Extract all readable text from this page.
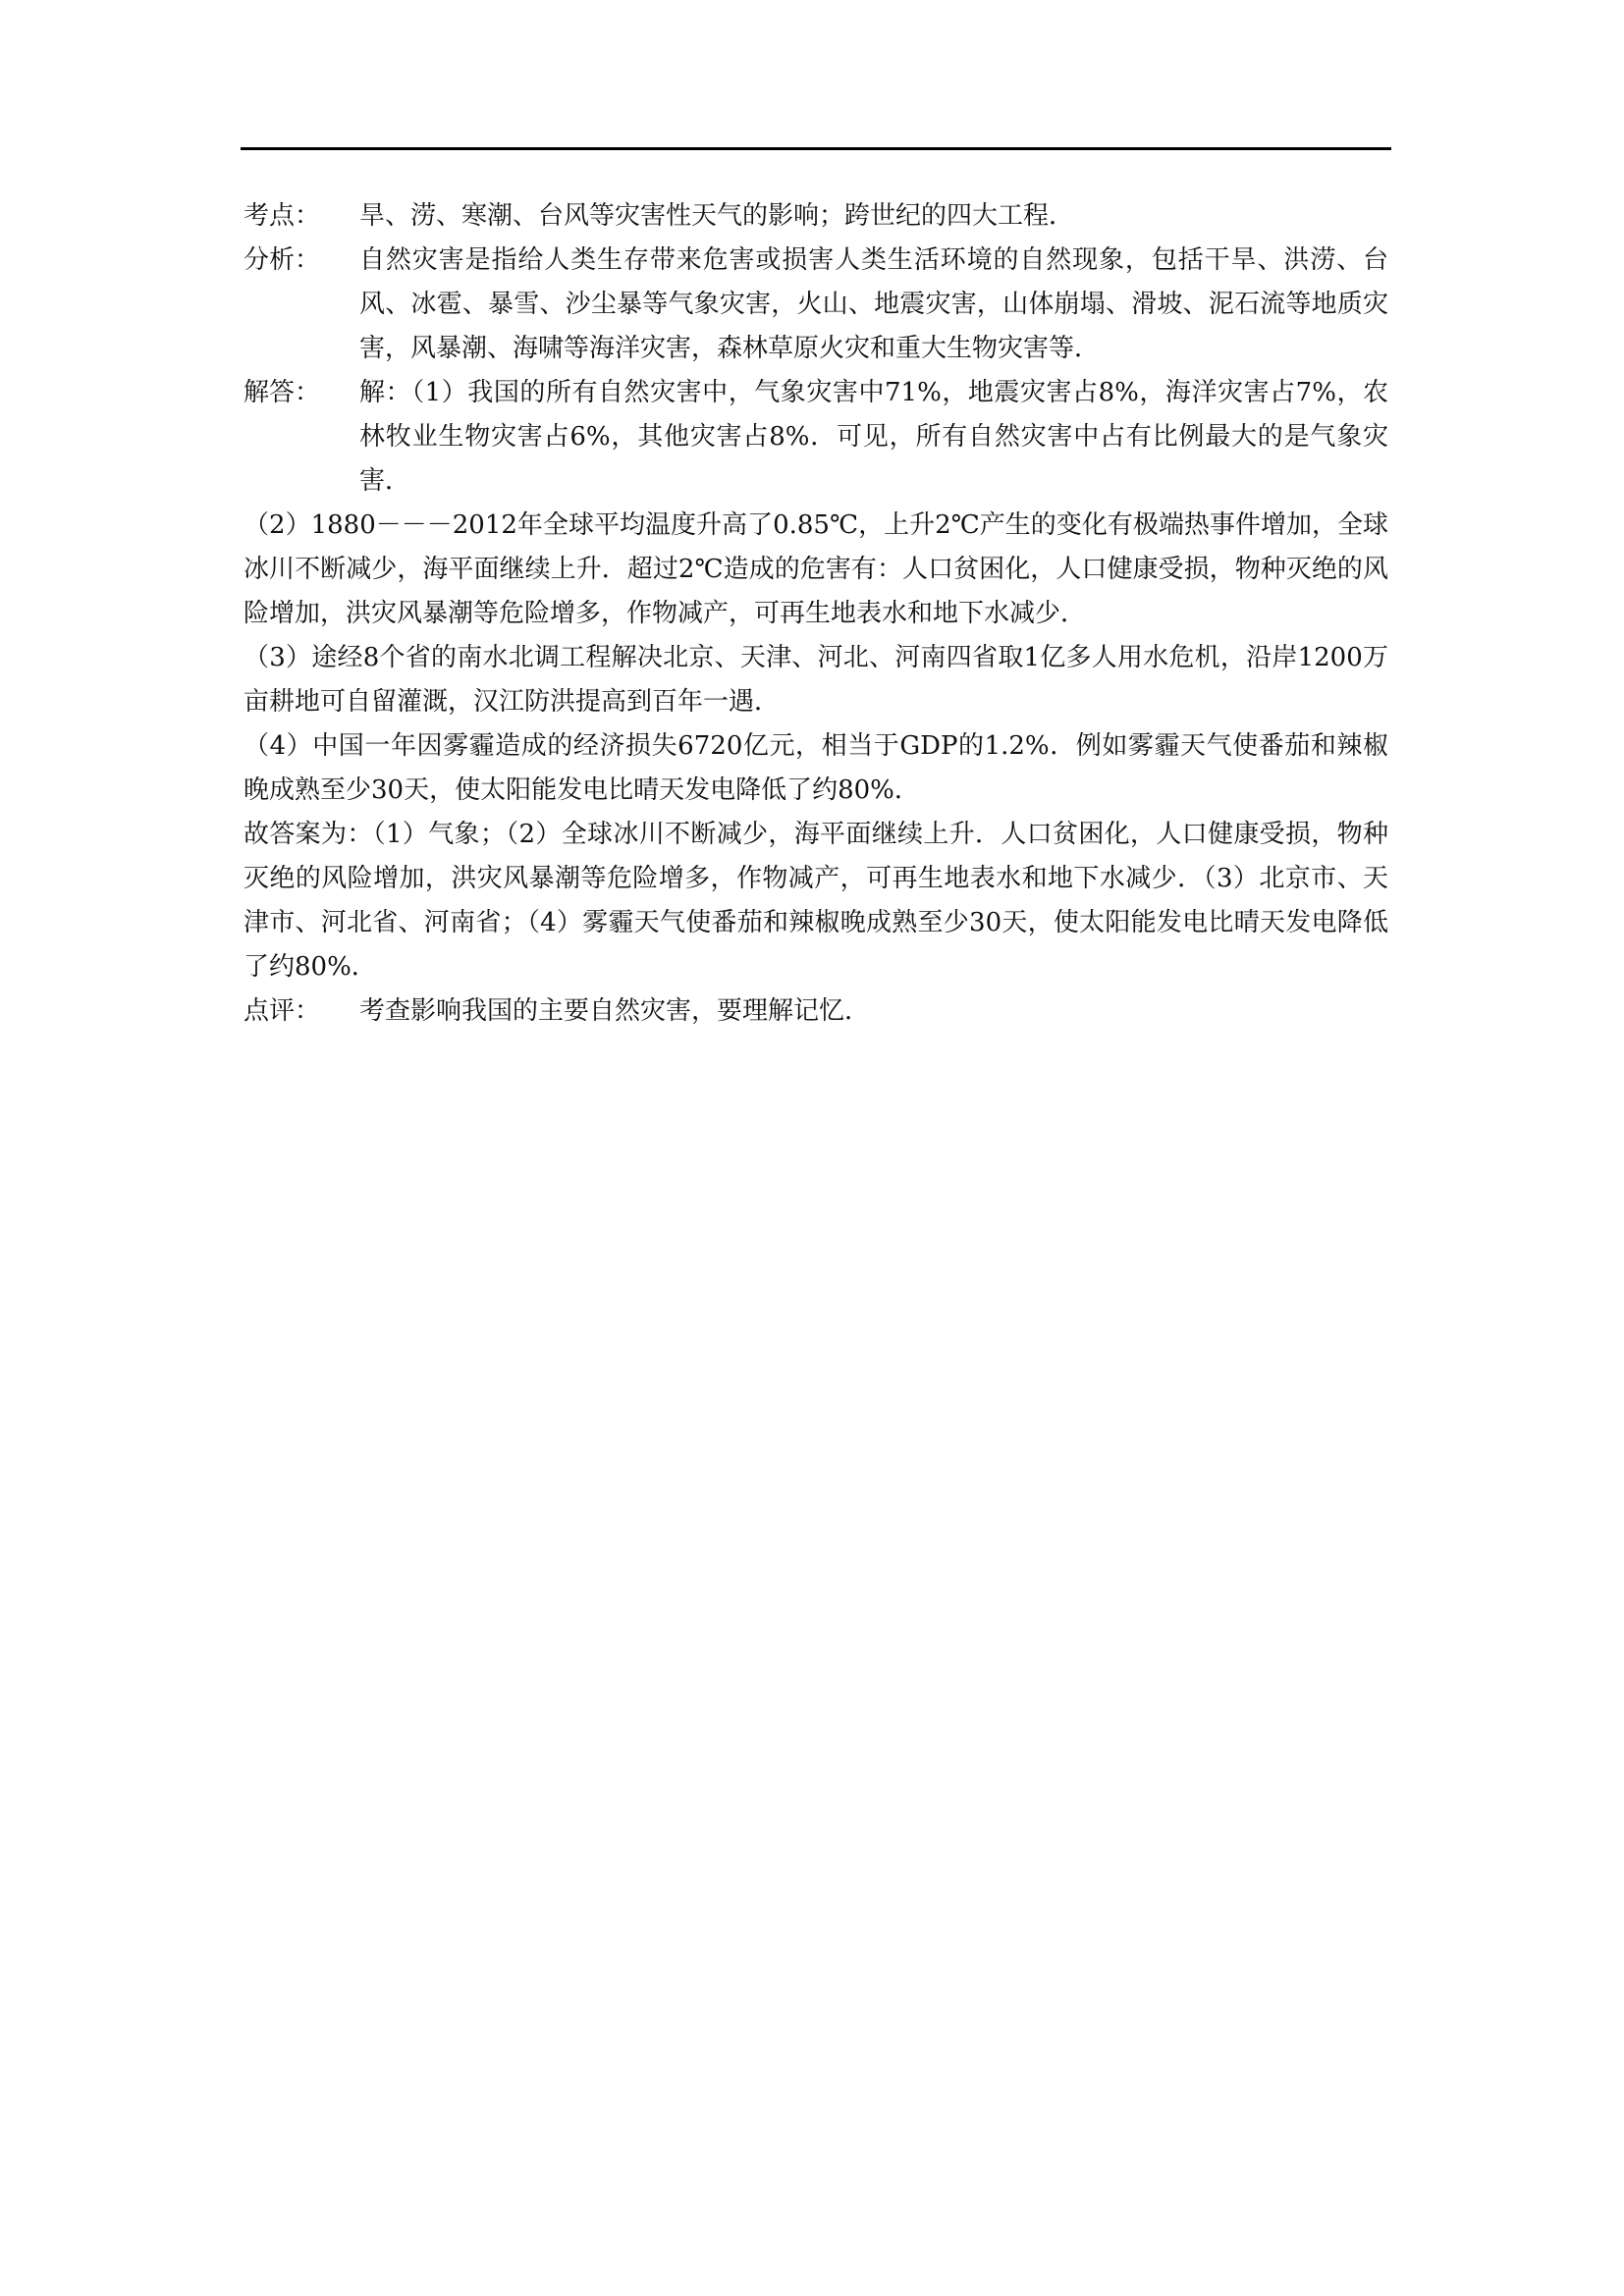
考点：	旱、涝、寒潮、台风等灾害性天气的影响；跨世纪的四大工程．
分析：	自然灾害是指给人类生存带来危害或损害人类生活环境的自然现象，包括干旱、洪涝、台风、冰雹、暴雪、沙尘暴等气象灾害，火山、地震灾害，山体崩塌、滑坡、泥石流等地质灾害，风暴潮、海啸等海洋灾害，森林草原火灾和重大生物灾害等．
解答：	解：（1）我国的所有自然灾害中，气象灾害中71%，地震灾害占8%，海洋灾害占7%，农林牧业生物灾害占6%，其他灾害占8%．可见，所有自然灾害中占有比例最大的是气象灾害．

（2）1880－－－2012年全球平均温度升高了0.85℃，上升2℃产生的变化有极端热事件增加，全球冰川不断减少，海平面继续上升．超过2℃造成的危害有：人口贫困化，人口健康受损，物种灭绝的风险增加，洪灾风暴潮等危险增多，作物减产，可再生地表水和地下水减少．

（3）途经8个省的南水北调工程解决北京、天津、河北、河南四省取1亿多人用水危机，沿岸1200万亩耕地可自留灌溉，汉江防洪提高到百年一遇．

（4）中国一年因雾霾造成的经济损失6720亿元，相当于GDP的1.2%．例如雾霾天气使番茄和辣椒晚成熟至少30天，使太阳能发电比晴天发电降低了约80%．

故答案为：（1）气象；（2）全球冰川不断减少，海平面继续上升．人口贫困化，人口健康受损，物种灭绝的风险增加，洪灾风暴潮等危险增多，作物减产，可再生地表水和地下水减少．（3）北京市、天津市、河北省、河南省；（4）雾霾天气使番茄和辣椒晚成熟至少30天，使太阳能发电比晴天发电降低了约80%．

点评：	考查影响我国的主要自然灾害，要理解记忆．
